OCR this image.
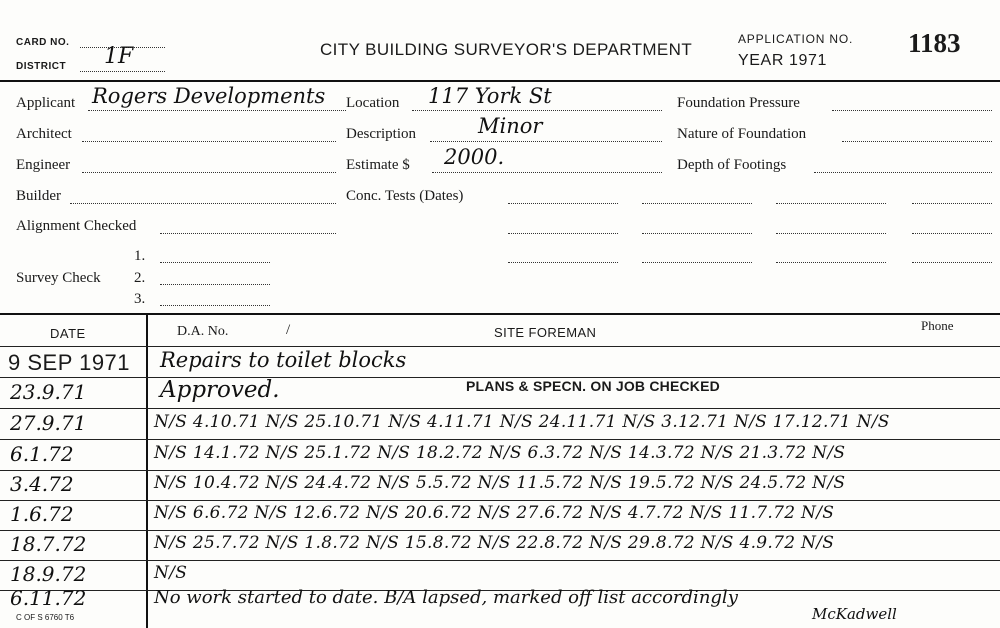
CARD NO.
DISTRICT 1F	CITY BUILDING SURVEYOR'S DEPARTMENT
APPLICATION NO.
YEAR 1971
1183
Applicant Rogers Developments
Architect
Engineer
Builder
Alignment Checked
Survey Check
1.
2.
3.
Location 117 York St
Description	Minor
Estimate $ 2000.
Conc. Tests (Dates)
Foundation Pressure
Nature of Foundation
Depth of Footings
DATE	D.A. No.	/	SITE FOREMAN	Phone
9 SEP 1971 Repairs to toilet blocks
23.9.71	Approved.	PLANS & SPECN. ON JOB CHECKED
27.9.71	N/S 4.10.71 N/S 25.10.71 N/S 4.11.71 N/S 24.11.71 N/S 3.12.71 N/S 17.12.71 N/S
6.1.72	N/S 14.1.72 N/S 25.1.72 N/S 18.2.72 N/S 6.3.72 N/S 14.3.72 N/S 21.3.72 N/S
3.4.72	N/S 10.4.72 N/S 24.4.72 N/S 5.5.72 N/S 11.5.72 N/S 19.5.72 N/S 24.5.72 N/S
1.6.72	N/S 6.6.72 N/S 12.6.72 N/S 20.6.72 N/S 27.6.72 N/S 4.7.72 N/S 11.7.72 N/S
18.7.72	N/S 25.7.72 N/S 1.8.72 N/S 15.8.72 N/S 22.8.72 N/S 29.8.72 N/S 4.9.72 N/S
18.9.72	N/S
6.11.72	No work started to date. B/A lapsed, marked off list accordingly
McKadwell
C OF S 6760 T6
